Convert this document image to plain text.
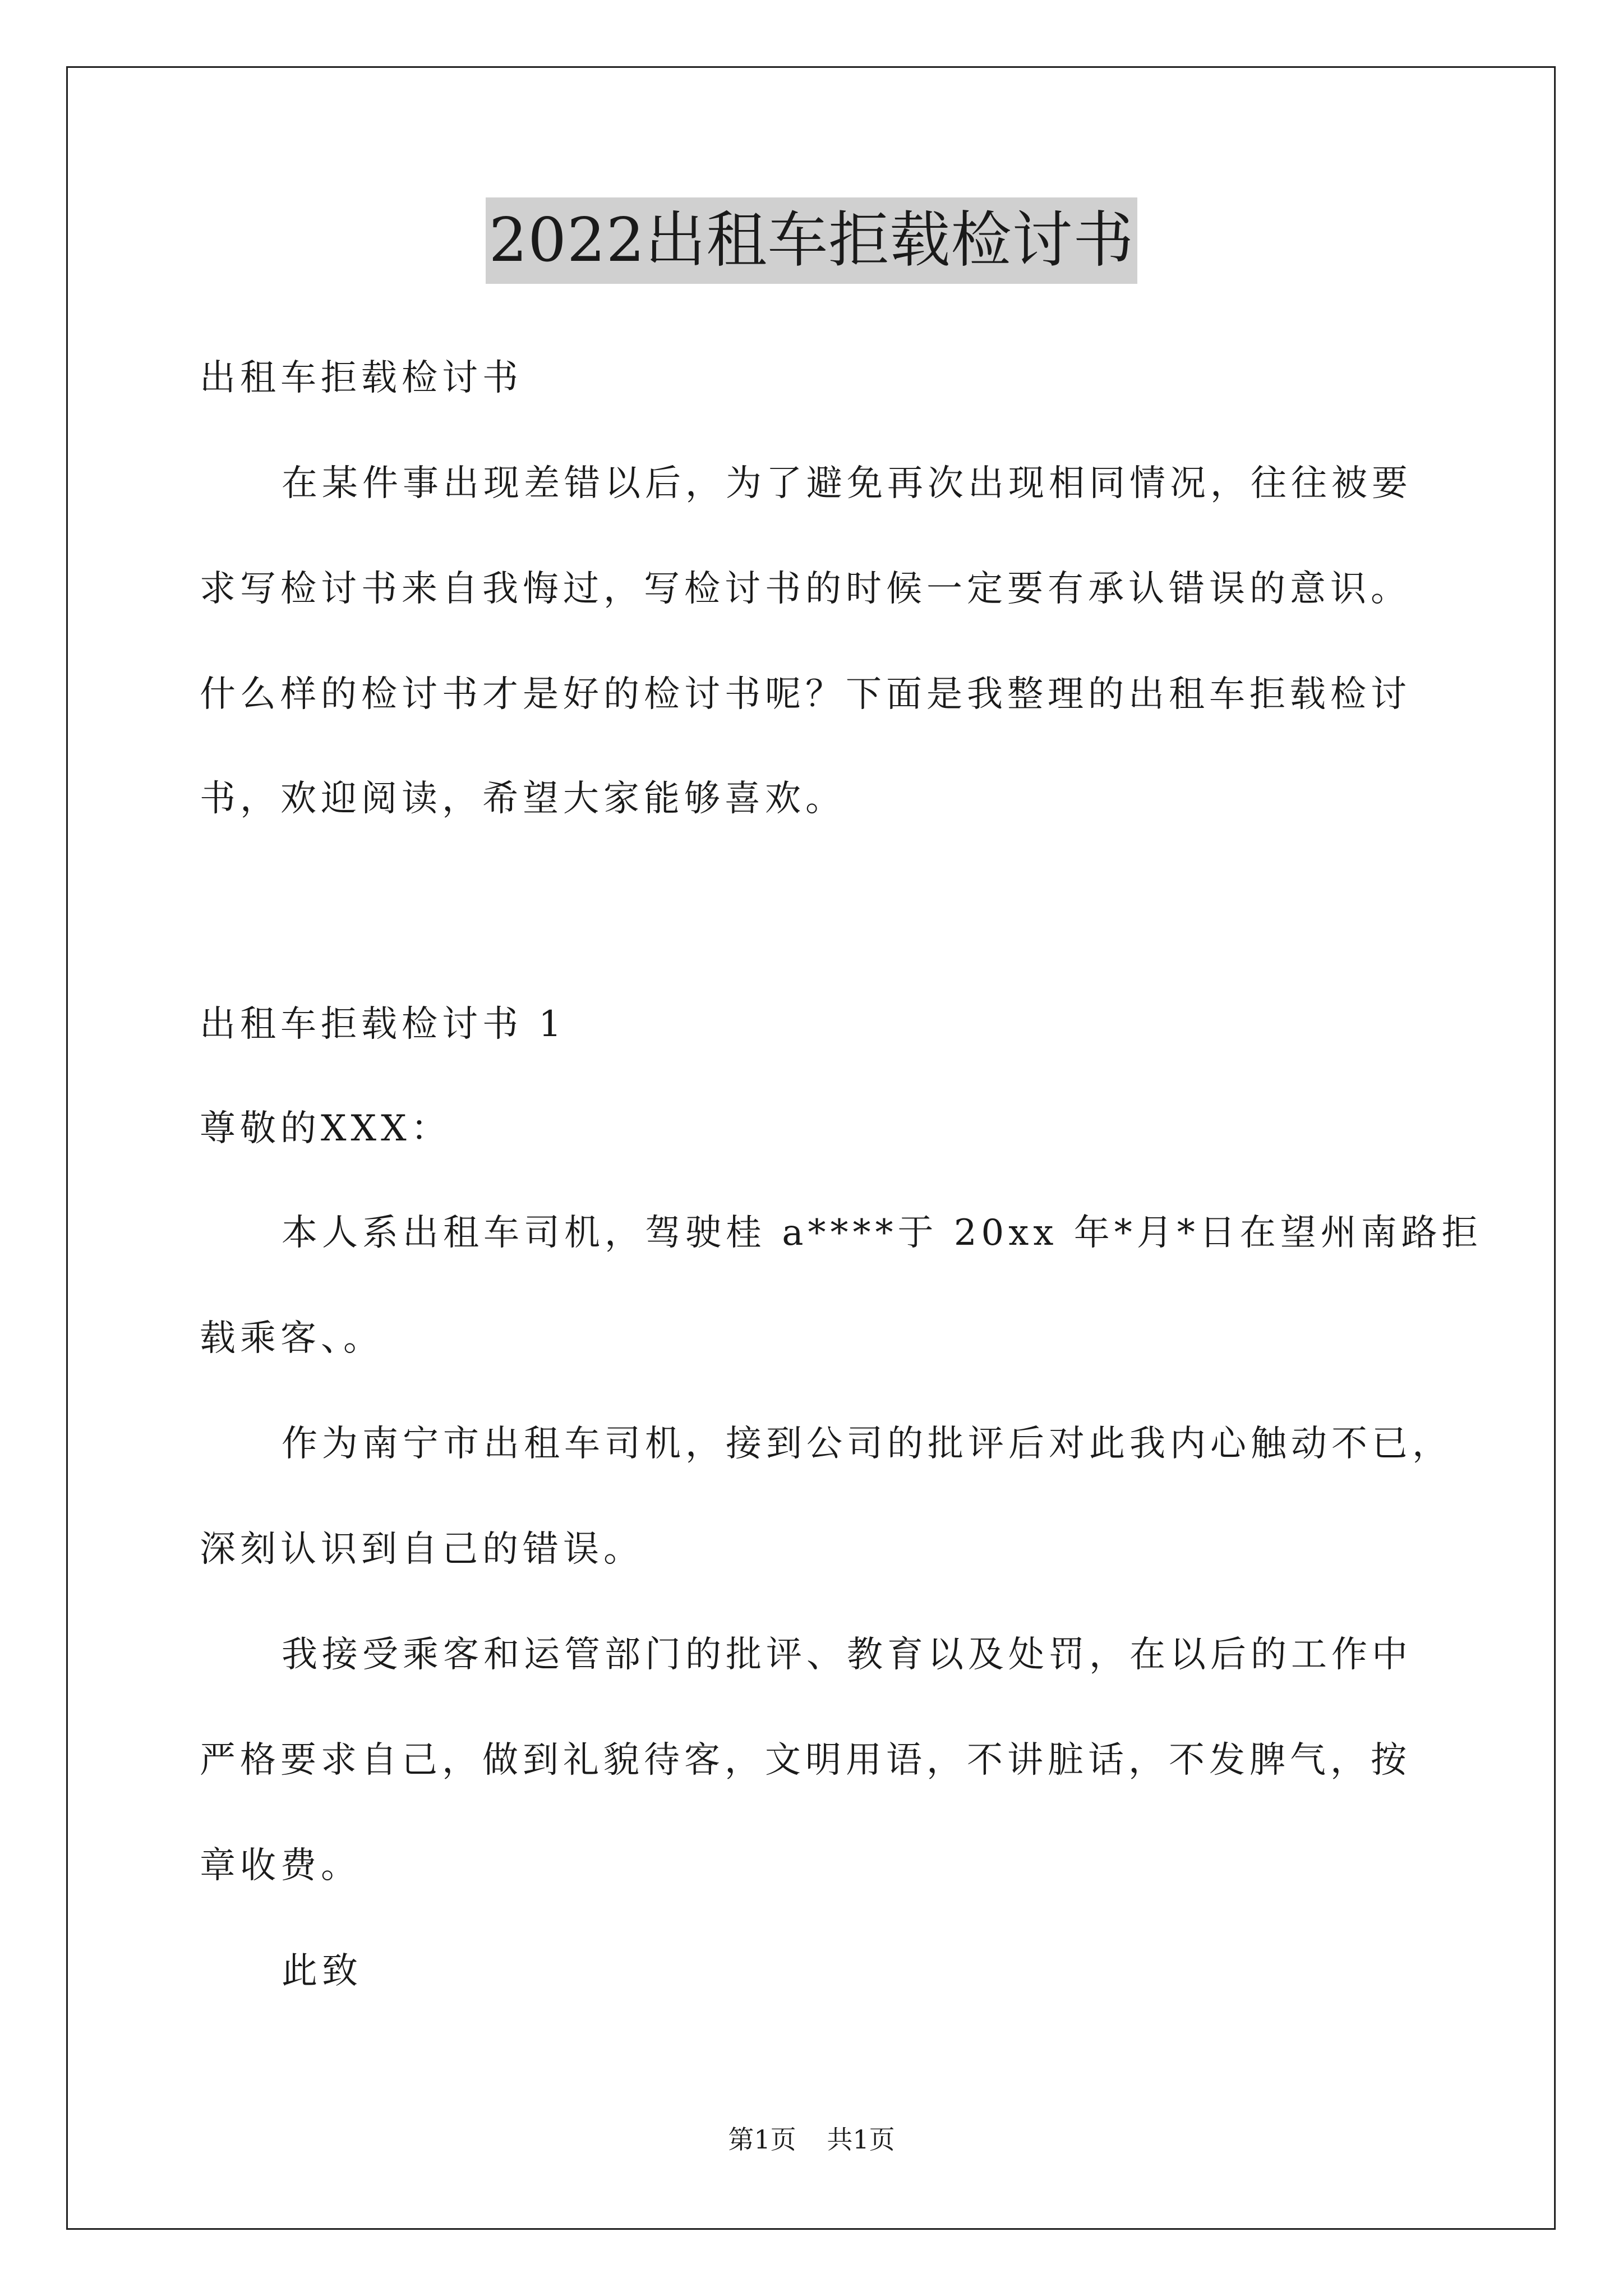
2022出租车拒载检讨书
出租车拒载检讨书
在某件事出现差错以后，为了避免再次出现相同情况，往往被要
求写检讨书来自我悔过，写检讨书的时候一定要有承认错误的意识。
什么样的检讨书才是好的检讨书呢？下面是我整理的出租车拒载检讨
书，欢迎阅读，希望大家能够喜欢。
出租车拒载检讨书 1
尊敬的XXX：
本人系出租车司机，驾驶桂 a****于 20xx 年*月*日在望州南路拒
载乘客、。
作为南宁市出租车司机，接到公司的批评后对此我内心触动不已，
深刻认识到自己的错误。
我接受乘客和运管部门的批评、教育以及处罚，在以后的工作中
严格要求自己，做到礼貌待客，文明用语，不讲脏话，不发脾气，按
章收费。
此致
第1页 共1页
